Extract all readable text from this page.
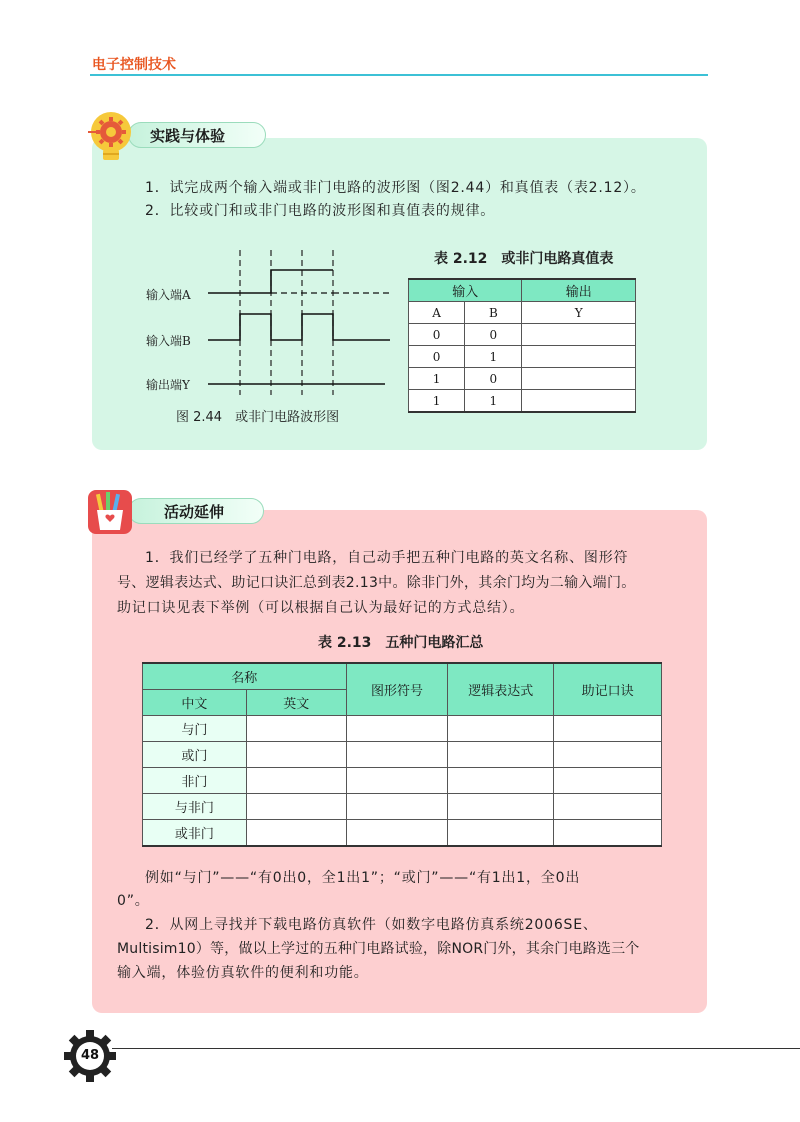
电子控制技术
实践与体验
1．试完成两个输入端或非门电路的波形图（图2.44）和真值表（表2.12）。
2．比较或门和或非门电路的波形图和真值表的规律。
输入端A
输入端B
输出端Y
图 2.44　或非门电路波形图
表 2.12　或非门电路真值表
输入		输出
A	B	Y
0	0	
0	1	
1	0	
1	1	
活动延伸
1．我们已经学了五种门电路，自己动手把五种门电路的英文名称、图形符
号、逻辑表达式、助记口诀汇总到表2.13中。除非门外，其余门均为二输入端门。
助记口诀见表下举例（可以根据自己认为最好记的方式总结）。
表 2.13　五种门电路汇总
名称		图形符号	逻辑表达式	助记口诀
中文	英文			
与门				
或门				
非门				
与非门				
或非门				
例如“与门”——“有0出0，全1出1”；“或门”——“有1出1，全0出
0”。
2．从网上寻找并下载电路仿真软件（如数字电路仿真系统2006SE、
Multisim10）等，做以上学过的五种门电路试验，除NOR门外，其余门电路选三个
输入端，体验仿真软件的便利和功能。
48
